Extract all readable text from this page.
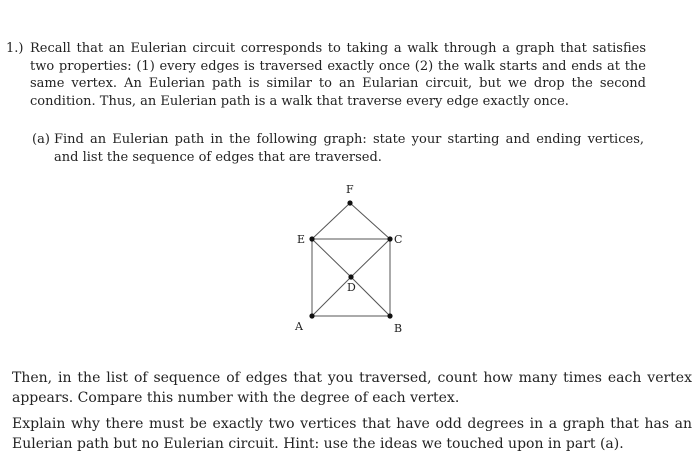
1.) Recall that an Eulerian circuit corresponds to taking a walk through a graph that satisfies two properties: (1) every edges is traversed exactly once (2) the walk starts and ends at the same vertex. An Eulerian path is similar to an Eularian circuit, but we drop the second condition. Thus, an Eulerian path is a walk that traverse every edge exactly once.

(a) Find an Eulerian path in the following graph: state your starting and ending vertices, and list the sequence of edges that are traversed.

F
E	C
D
A	B

Then, in the list of sequence of edges that you traversed, count how many times each vertex appears. Compare this number with the degree of each vertex.

Explain why there must be exactly two vertices that have odd degrees in a graph that has an Eulerian path but no Eulerian circuit. Hint: use the ideas we touched upon in part (a).
